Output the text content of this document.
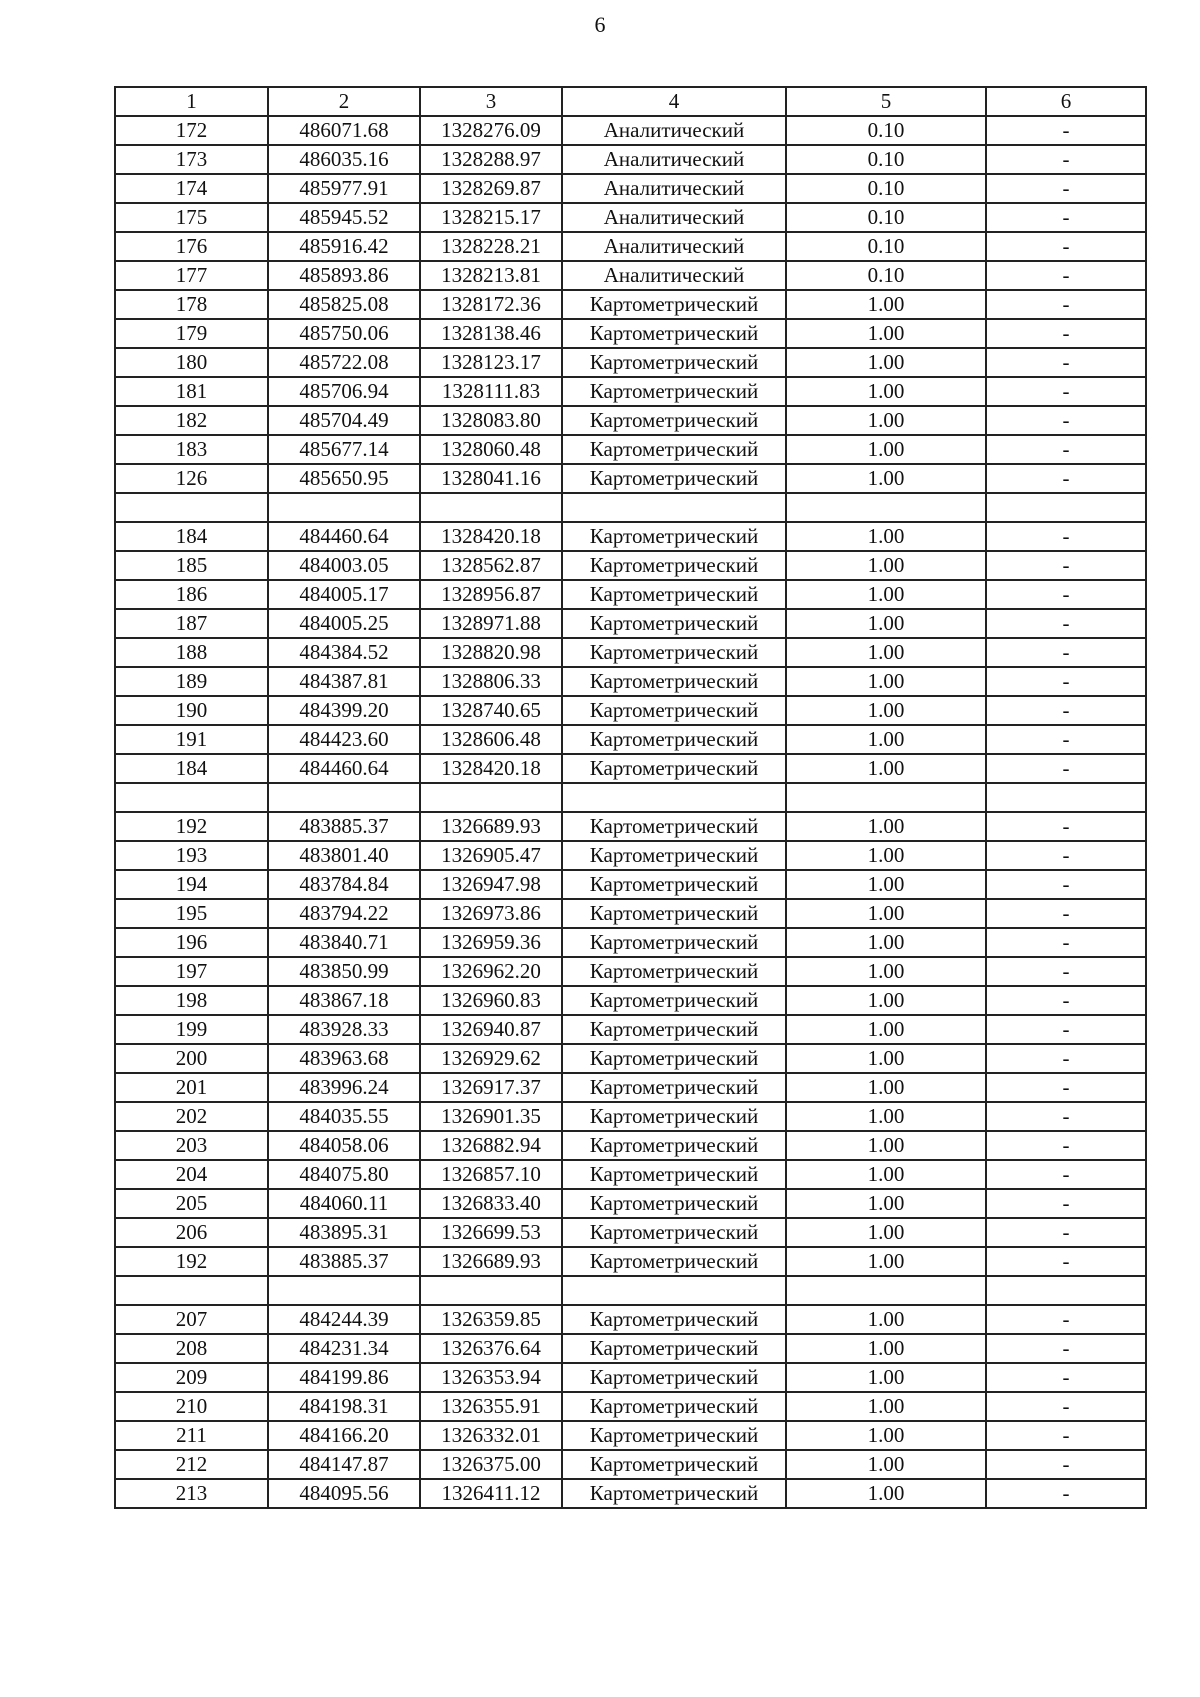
6
1	2	3	4	5	6
172	486071.68	1328276.09	Аналитический	0.10	-
173	486035.16	1328288.97	Аналитический	0.10	-
174	485977.91	1328269.87	Аналитический	0.10	-
175	485945.52	1328215.17	Аналитический	0.10	-
176	485916.42	1328228.21	Аналитический	0.10	-
177	485893.86	1328213.81	Аналитический	0.10	-
178	485825.08	1328172.36	Картометрический	1.00	-
179	485750.06	1328138.46	Картометрический	1.00	-
180	485722.08	1328123.17	Картометрический	1.00	-
181	485706.94	1328111.83	Картометрический	1.00	-
182	485704.49	1328083.80	Картометрический	1.00	-
183	485677.14	1328060.48	Картометрический	1.00	-
126	485650.95	1328041.16	Картометрический	1.00	-

184	484460.64	1328420.18	Картометрический	1.00	-
185	484003.05	1328562.87	Картометрический	1.00	-
186	484005.17	1328956.87	Картометрический	1.00	-
187	484005.25	1328971.88	Картометрический	1.00	-
188	484384.52	1328820.98	Картометрический	1.00	-
189	484387.81	1328806.33	Картометрический	1.00	-
190	484399.20	1328740.65	Картометрический	1.00	-
191	484423.60	1328606.48	Картометрический	1.00	-
184	484460.64	1328420.18	Картометрический	1.00	-

192	483885.37	1326689.93	Картометрический	1.00	-
193	483801.40	1326905.47	Картометрический	1.00	-
194	483784.84	1326947.98	Картометрический	1.00	-
195	483794.22	1326973.86	Картометрический	1.00	-
196	483840.71	1326959.36	Картометрический	1.00	-
197	483850.99	1326962.20	Картометрический	1.00	-
198	483867.18	1326960.83	Картометрический	1.00	-
199	483928.33	1326940.87	Картометрический	1.00	-
200	483963.68	1326929.62	Картометрический	1.00	-
201	483996.24	1326917.37	Картометрический	1.00	-
202	484035.55	1326901.35	Картометрический	1.00	-
203	484058.06	1326882.94	Картометрический	1.00	-
204	484075.80	1326857.10	Картометрический	1.00	-
205	484060.11	1326833.40	Картометрический	1.00	-
206	483895.31	1326699.53	Картометрический	1.00	-
192	483885.37	1326689.93	Картометрический	1.00	-

207	484244.39	1326359.85	Картометрический	1.00	-
208	484231.34	1326376.64	Картометрический	1.00	-
209	484199.86	1326353.94	Картометрический	1.00	-
210	484198.31	1326355.91	Картометрический	1.00	-
211	484166.20	1326332.01	Картометрический	1.00	-
212	484147.87	1326375.00	Картометрический	1.00	-
213	484095.56	1326411.12	Картометрический	1.00	-
